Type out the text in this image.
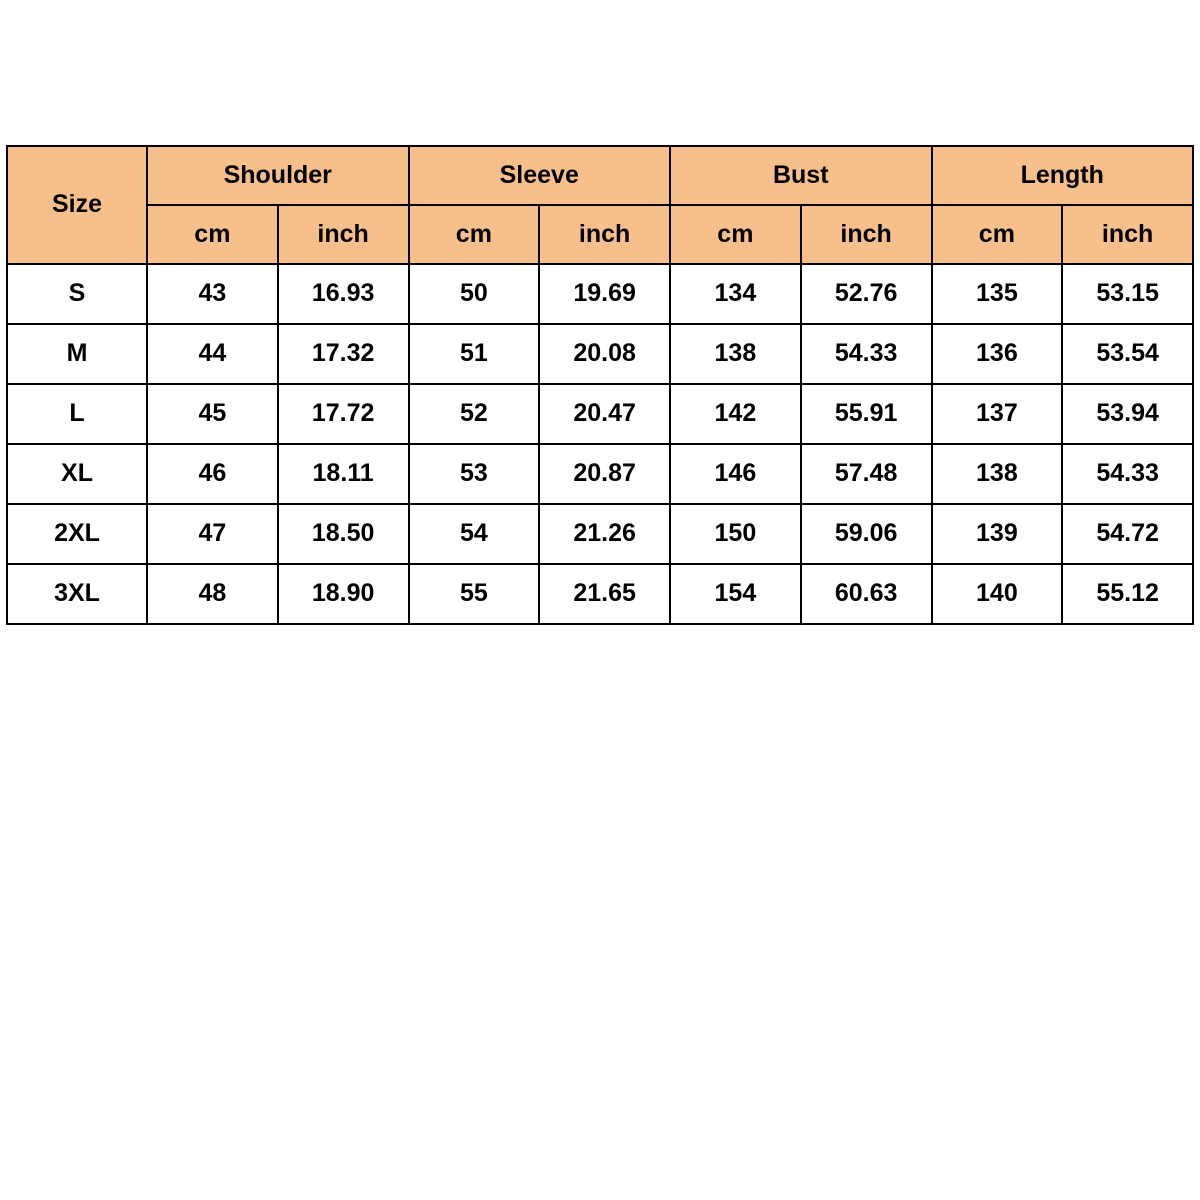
Size	Shoulder		Sleeve		Bust		Length	
	cm	inch	cm	inch	cm	inch	cm	inch
S	43	16.93	50	19.69	134	52.76	135	53.15
M	44	17.32	51	20.08	138	54.33	136	53.54
L	45	17.72	52	20.47	142	55.91	137	53.94
XL	46	18.11	53	20.87	146	57.48	138	54.33
2XL	47	18.50	54	21.26	150	59.06	139	54.72
3XL	48	18.90	55	21.65	154	60.63	140	55.12
